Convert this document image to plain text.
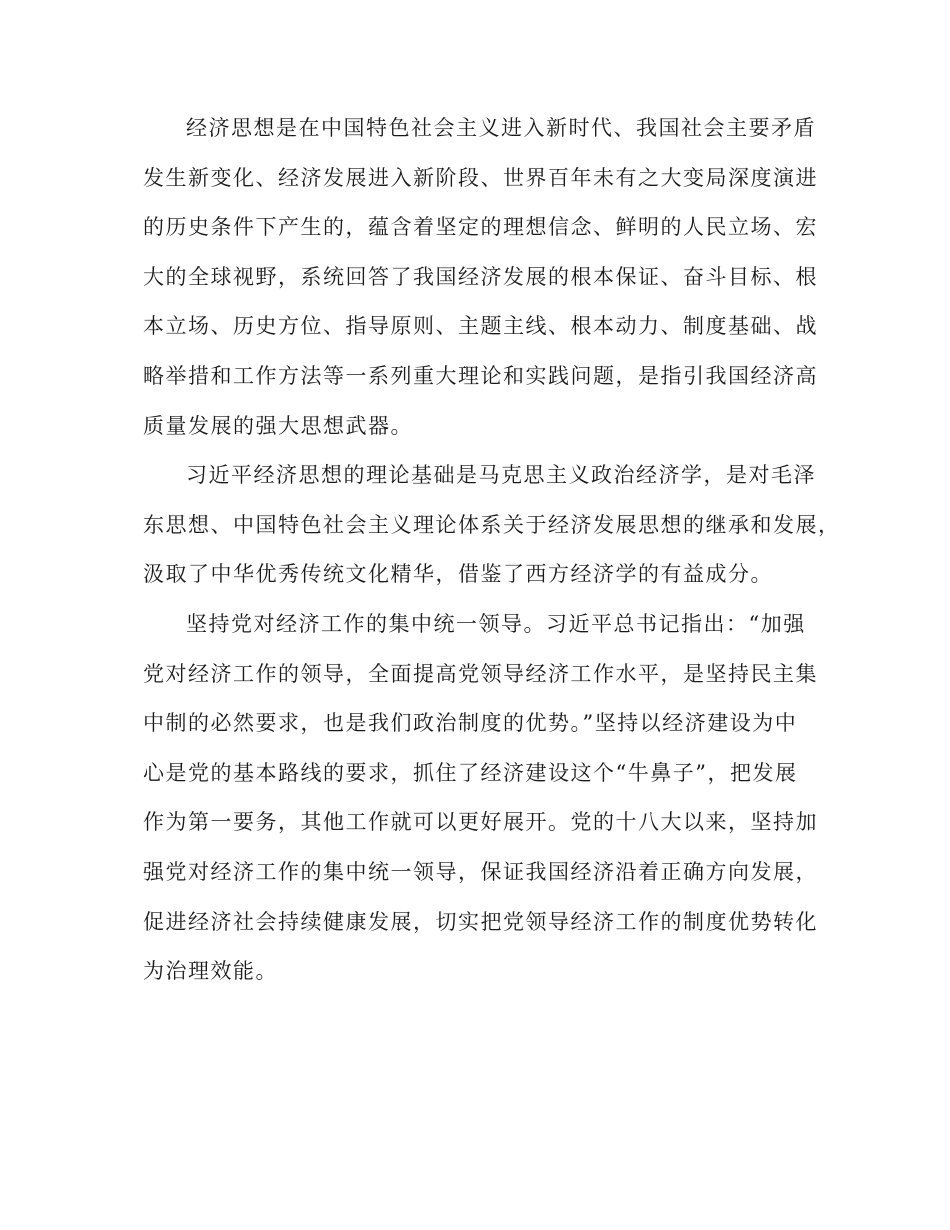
经济思想是在中国特色社会主义进入新时代、我国社会主要矛盾
发生新变化、经济发展进入新阶段、世界百年未有之大变局深度演进
的历史条件下产生的，蕴含着坚定的理想信念、鲜明的人民立场、宏
大的全球视野，系统回答了我国经济发展的根本保证、奋斗目标、根
本立场、历史方位、指导原则、主题主线、根本动力、制度基础、战
略举措和工作方法等一系列重大理论和实践问题，是指引我国经济高
质量发展的强大思想武器。

习近平经济思想的理论基础是马克思主义政治经济学，是对毛泽
东思想、中国特色社会主义理论体系关于经济发展思想的继承和发展，
汲取了中华优秀传统文化精华，借鉴了西方经济学的有益成分。

坚持党对经济工作的集中统一领导。习近平总书记指出：“加强
党对经济工作的领导，全面提高党领导经济工作水平，是坚持民主集
中制的必然要求，也是我们政治制度的优势。”坚持以经济建设为中
心是党的基本路线的要求，抓住了经济建设这个“牛鼻子”，把发展
作为第一要务，其他工作就可以更好展开。党的十八大以来，坚持加
强党对经济工作的集中统一领导，保证我国经济沿着正确方向发展，
促进经济社会持续健康发展，切实把党领导经济工作的制度优势转化
为治理效能。
